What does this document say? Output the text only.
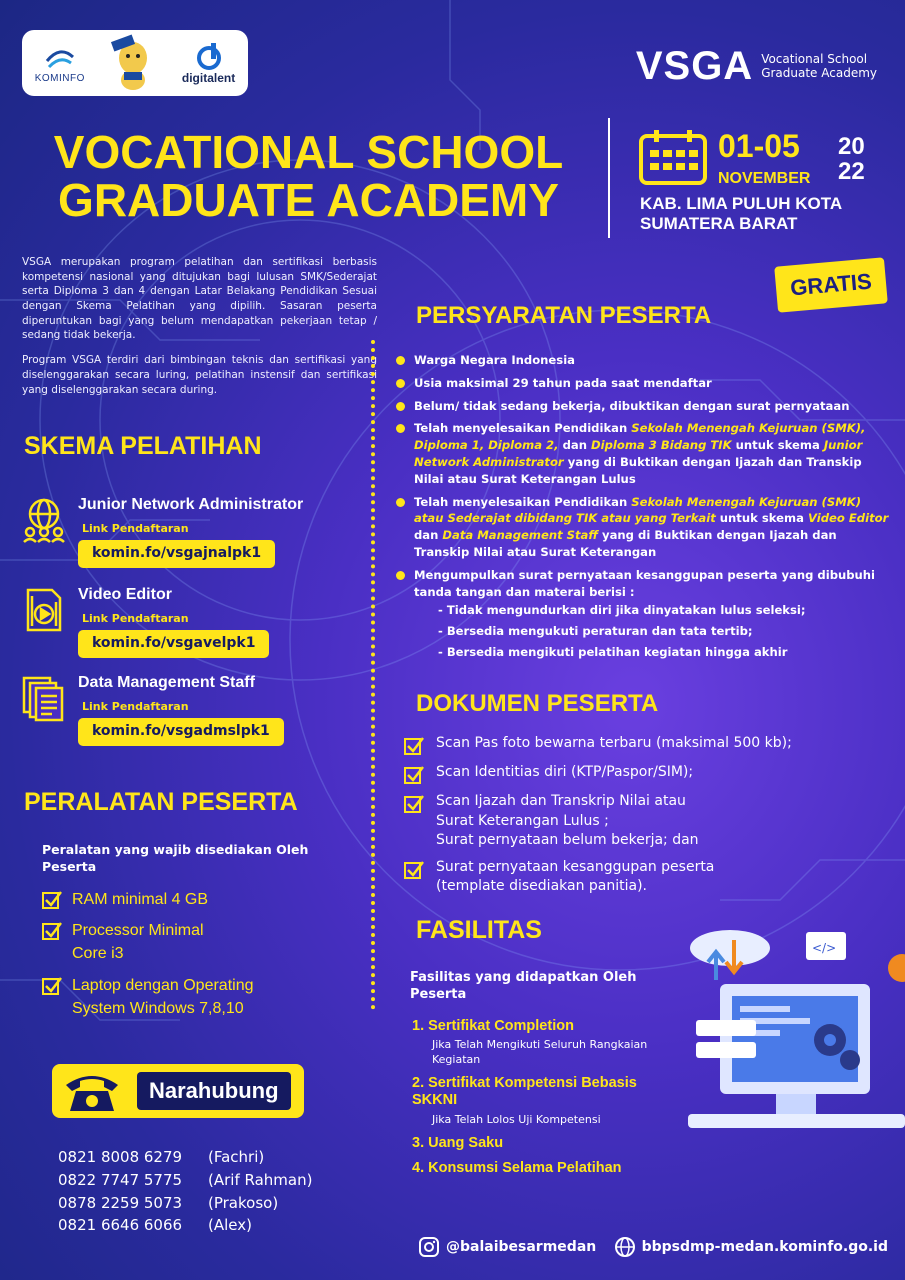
KOMINFO	digitalent	VSGA Vocational School
Graduate Academy
VOCATIONAL SCHOOL
GRADUATE ACADEMY
01-05
NOVEMBER
20
22
KAB. LIMA PULUH KOTA
SUMATERA BARAT
GRATIS

VSGA merupakan program pelatihan dan sertifikasi berbasis kompetensi nasional yang ditujukan bagi lulusan SMK/Sederajat serta Diploma 3 dan 4 dengan Latar Belakang Pendidikan Sesuai dengan Skema Pelatihan yang dipilih. Sasaran peserta diperuntukan bagi yang belum mendapatkan pekerjaan tetap / sedang tidak bekerja.

Program VSGA terdiri dari bimbingan teknis dan sertifikasi yang diselenggarakan secara luring, pelatihan instensif dan sertifikasi yang diselenggarakan secara during.

SKEMA PELATIHAN
Junior Network Administrator
Link Pendaftaran
komin.fo/vsgajnalpk1
Video Editor
Link Pendaftaran
komin.fo/vsgavelpk1
Data Management Staff
Link Pendaftaran
komin.fo/vsgadmslpk1
PERALATAN PESERTA
Peralatan yang wajib disediakan Oleh Peserta
RAM minimal 4 GB
Processor Minimal
Core i3
Laptop dengan Operating
System Windows 7,8,10
Narahubung
0821 8008 6279	(Fachri)
0822 7747 5775	(Arif Rahman)
0878 2259 5073	(Prakoso)
0821 6646 6066	(Alex)
PERSYARATAN PESERTA
Warga Negara Indonesia
Usia maksimal 29 tahun pada saat mendaftar
Belum/ tidak sedang bekerja, dibuktikan dengan surat pernyataan
Telah menyelesaikan Pendidikan Sekolah Menengah Kejuruan (SMK), Diploma 1, Diploma 2, dan Diploma 3 Bidang TIK untuk skema Junior Network Administrator yang di Buktikan dengan Ijazah dan Transkip Nilai atau Surat Keterangan Lulus
Telah menyelesaikan Pendidikan Sekolah Menengah Kejuruan (SMK) atau Sederajat dibidang TIK atau yang Terkait untuk skema Video Editor dan Data Management Staff yang di Buktikan dengan Ijazah dan Transkip Nilai atau Surat Keterangan
Mengumpulkan surat pernyataan kesanggupan peserta yang dibubuhi tanda tangan dan materai berisi :
- Tidak mengundurkan diri jika dinyatakan lulus seleksi;
- Bersedia mengukuti peraturan dan tata tertib;
- Bersedia mengikuti pelatihan kegiatan hingga akhir
DOKUMEN PESERTA
Scan Pas foto bewarna terbaru (maksimal 500 kb);
Scan Identitias diri (KTP/Paspor/SIM);
Scan Ijazah dan Transkrip Nilai atau
Surat Keterangan Lulus ;
Surat pernyataan belum bekerja; dan
Surat pernyataan kesanggupan peserta
(template disediakan panitia).
FASILITAS
Fasilitas yang didapatkan Oleh Peserta
1. Sertifikat Completion
Jika Telah Mengikuti Seluruh Rangkaian Kegiatan
2. Sertifikat Kompetensi Bebasis SKKNI
Jika Telah Lolos Uji Kompetensi
3. Uang Saku
4. Konsumsi Selama Pelatihan
</>
@balaibesarmedan	bbpsdmp-medan.kominfo.go.id
